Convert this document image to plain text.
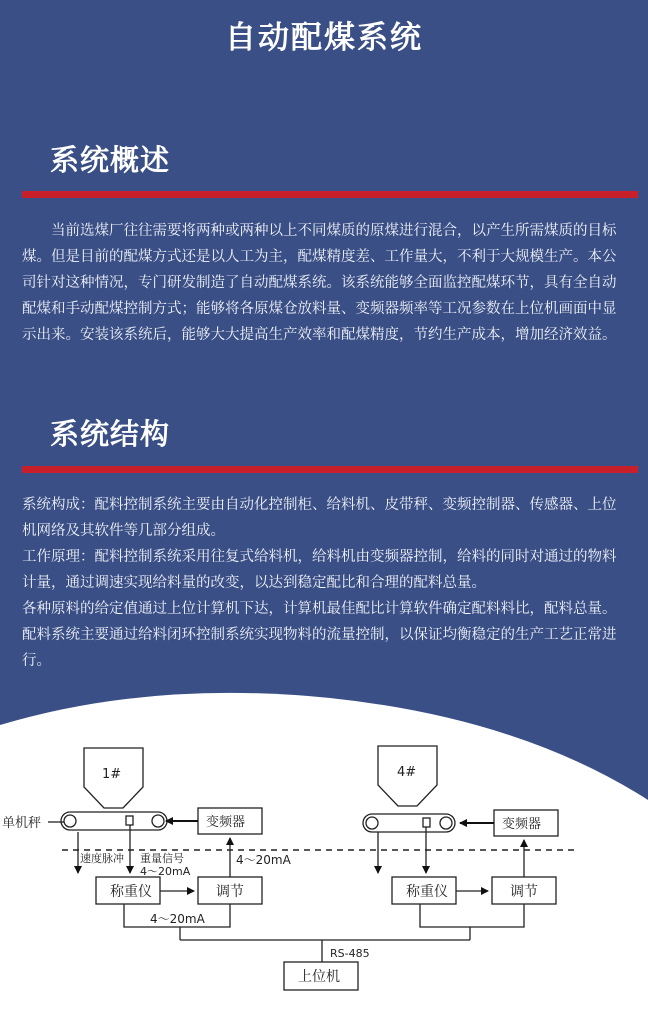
自动配煤系统
系统概述

当前选煤厂往往需要将两种或两种以上不同煤质的原煤进行混合，以产生所需煤质的目标煤。但是目前的配煤方式还是以人工为主，配煤精度差、工作量大，不利于大规模生产。本公司针对这种情况，专门研发制造了自动配煤系统。该系统能够全面监控配煤环节，具有全自动配煤和手动配煤控制方式；能够将各原煤仓放料量、变频器频率等工况参数在上位机画面中显示出来。安装该系统后，能够大大提高生产效率和配煤精度，节约生产成本，增加经济效益。

系统结构

系统构成：配料控制系统主要由自动化控制柜、给料机、皮带秤、变频控制器、传感器、上位机网络及其软件等几部分组成。

工作原理：配料控制系统采用往复式给料机，给料机由变频器控制，给料的同时对通过的物料计量，通过调速实现给料量的改变，以达到稳定配比和合理的配料总量。

各种原料的给定值通过上位计算机下达，计算机最佳配比计算软件确定配料料比，配料总量。配料系统主要通过给料闭环控制系统实现物料的流量控制，以保证均衡稳定的生产工艺正常进行。

1#	4#
单机秤	变频器	变频器
速度脉冲 重量信号	4～20mA
4～20mA
称重仪	调节	称重仪	调节
4～20mA
RS-485
上位机
